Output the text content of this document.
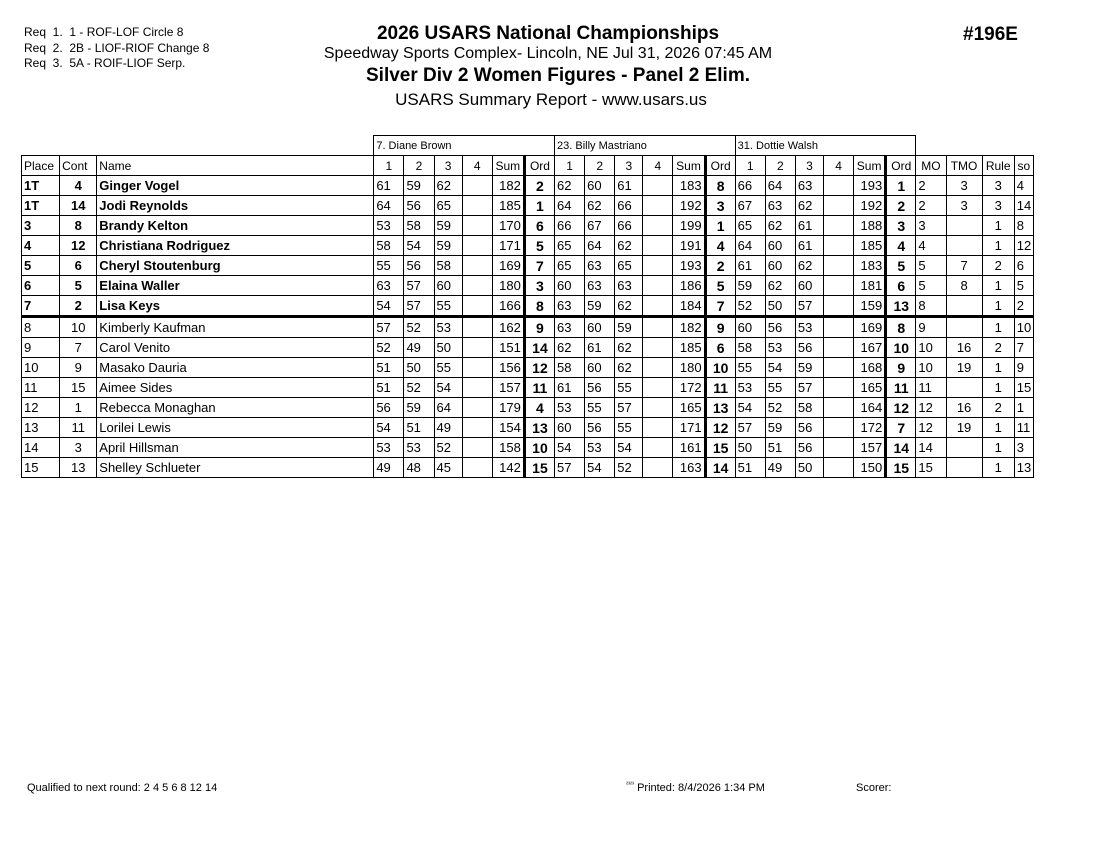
Req  1.  1 - ROF-LOF Circle 8
Req  2.  2B - LIOF-RIOF Change 8
Req  3.  5A - ROIF-LIOF Serp.
2026 USARS National Championships
Speedway Sports Complex- Lincoln, NE Jul 31, 2026 07:45 AM
Silver Div 2 Women Figures - Panel 2 Elim.
USARS Summary Report - www.usars.us
#196E
			7. Diane Brown						23. Billy Mastriano						31. Dottie Walsh									
Place	Cont	Name	1	2	3	4	Sum	Ord	1	2	3	4	Sum	Ord	1	2	3	4	Sum	Ord	MO	TMO	Rule	so
1T	4	Ginger Vogel	61	59	62		182	2	62	60	61		183	8	66	64	63		193	1	2	3	3	4
1T	14	Jodi Reynolds	64	56	65		185	1	64	62	66		192	3	67	63	62		192	2	2	3	3	14
3	8	Brandy Kelton	53	58	59		170	6	66	67	66		199	1	65	62	61		188	3	3		1	8
4	12	Christiana Rodriguez	58	54	59		171	5	65	64	62		191	4	64	60	61		185	4	4		1	12
5	6	Cheryl Stoutenburg	55	56	58		169	7	65	63	65		193	2	61	60	62		183	5	5	7	2	6
6	5	Elaina Waller	63	57	60		180	3	60	63	63		186	5	59	62	60		181	6	5	8	1	5
7	2	Lisa Keys	54	57	55		166	8	63	59	62		184	7	52	50	57		159	13	8		1	2
8	10	Kimberly Kaufman	57	52	53		162	9	63	60	59		182	9	60	56	53		169	8	9		1	10
9	7	Carol Venito	52	49	50		151	14	62	61	62		185	6	58	53	56		167	10	10	16	2	7
10	9	Masako Dauria	51	50	55		156	12	58	60	62		180	10	55	54	59		168	9	10	19	1	9
11	15	Aimee Sides	51	52	54		157	11	61	56	55		172	11	53	55	57		165	11	11		1	15
12	1	Rebecca Monaghan	56	59	64		179	4	53	55	57		165	13	54	52	58		164	12	12	16	2	1
13	11	Lorilei Lewis	54	51	49		154	13	60	56	55		171	12	57	59	56		172	7	12	19	1	11
14	3	April Hillsman	53	53	52		158	10	54	53	54		161	15	50	51	56		157	14	14		1	3
15	13	Shelley Schlueter	49	48	45		142	15	57	54	52		163	14	51	49	50		150	15	15		1	13
Qualified to next round: 2 4 5 6 8 12 14	$^{^{2323}}$ Printed: 8/4/2026 1:34 PM	Scorer:
